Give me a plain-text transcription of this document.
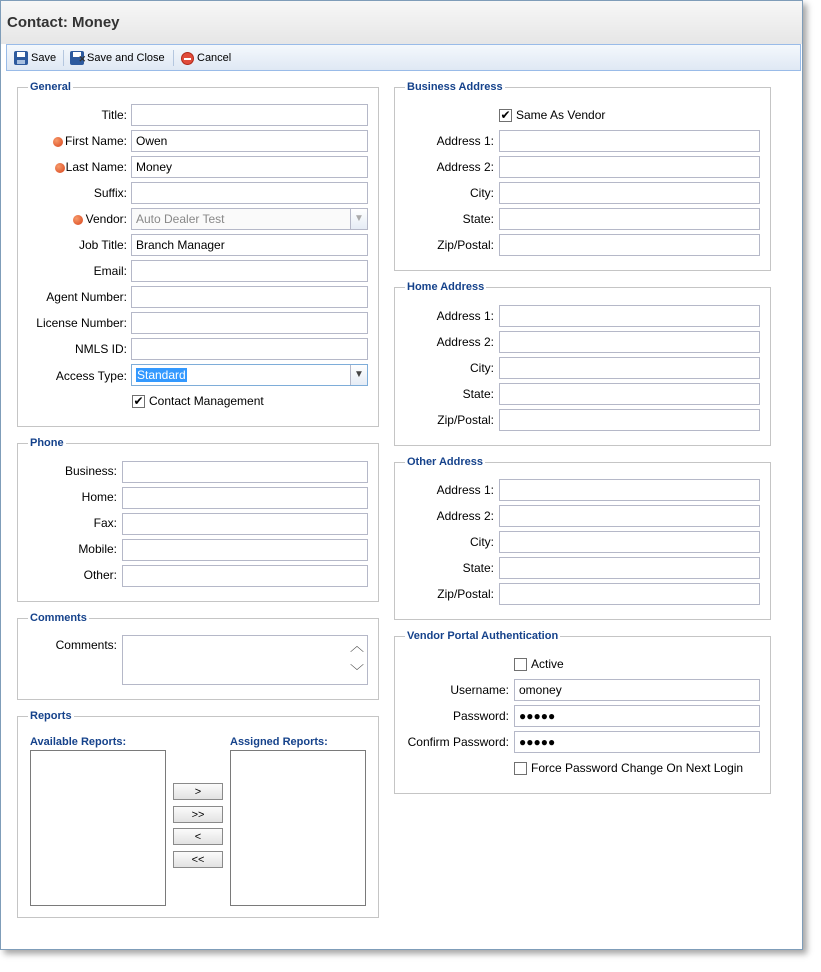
Contact: Money
Save
✕	Save and Close	Cancel
General
Title:
First Name: Owen
Last Name: Money
Suffix:
Vendor: Auto Dealer Test	▼
Job Title: Branch Manager
Email:
Agent Number:
License Number:
NMLS ID:
Access Type: Standard	▼
✔ Contact Management
Phone
Business:
Home:
Fax:
Mobile:
Other:
Comments
Comments:	︿
﹀
Reports
Available Reports:	Assigned Reports:
>
>>
<
<<
Business Address
✔ Same As Vendor
Address 1:
Address 2:
City:
State:
Zip/Postal:
Home Address
Address 1:
Address 2:
City:
State:
Zip/Postal:
Other Address
Address 1:
Address 2:
City:
State:
Zip/Postal:
Vendor Portal Authentication
Active
Username: omoney
Password: ●●●●●
Confirm Password: ●●●●●
Force Password Change On Next Login
